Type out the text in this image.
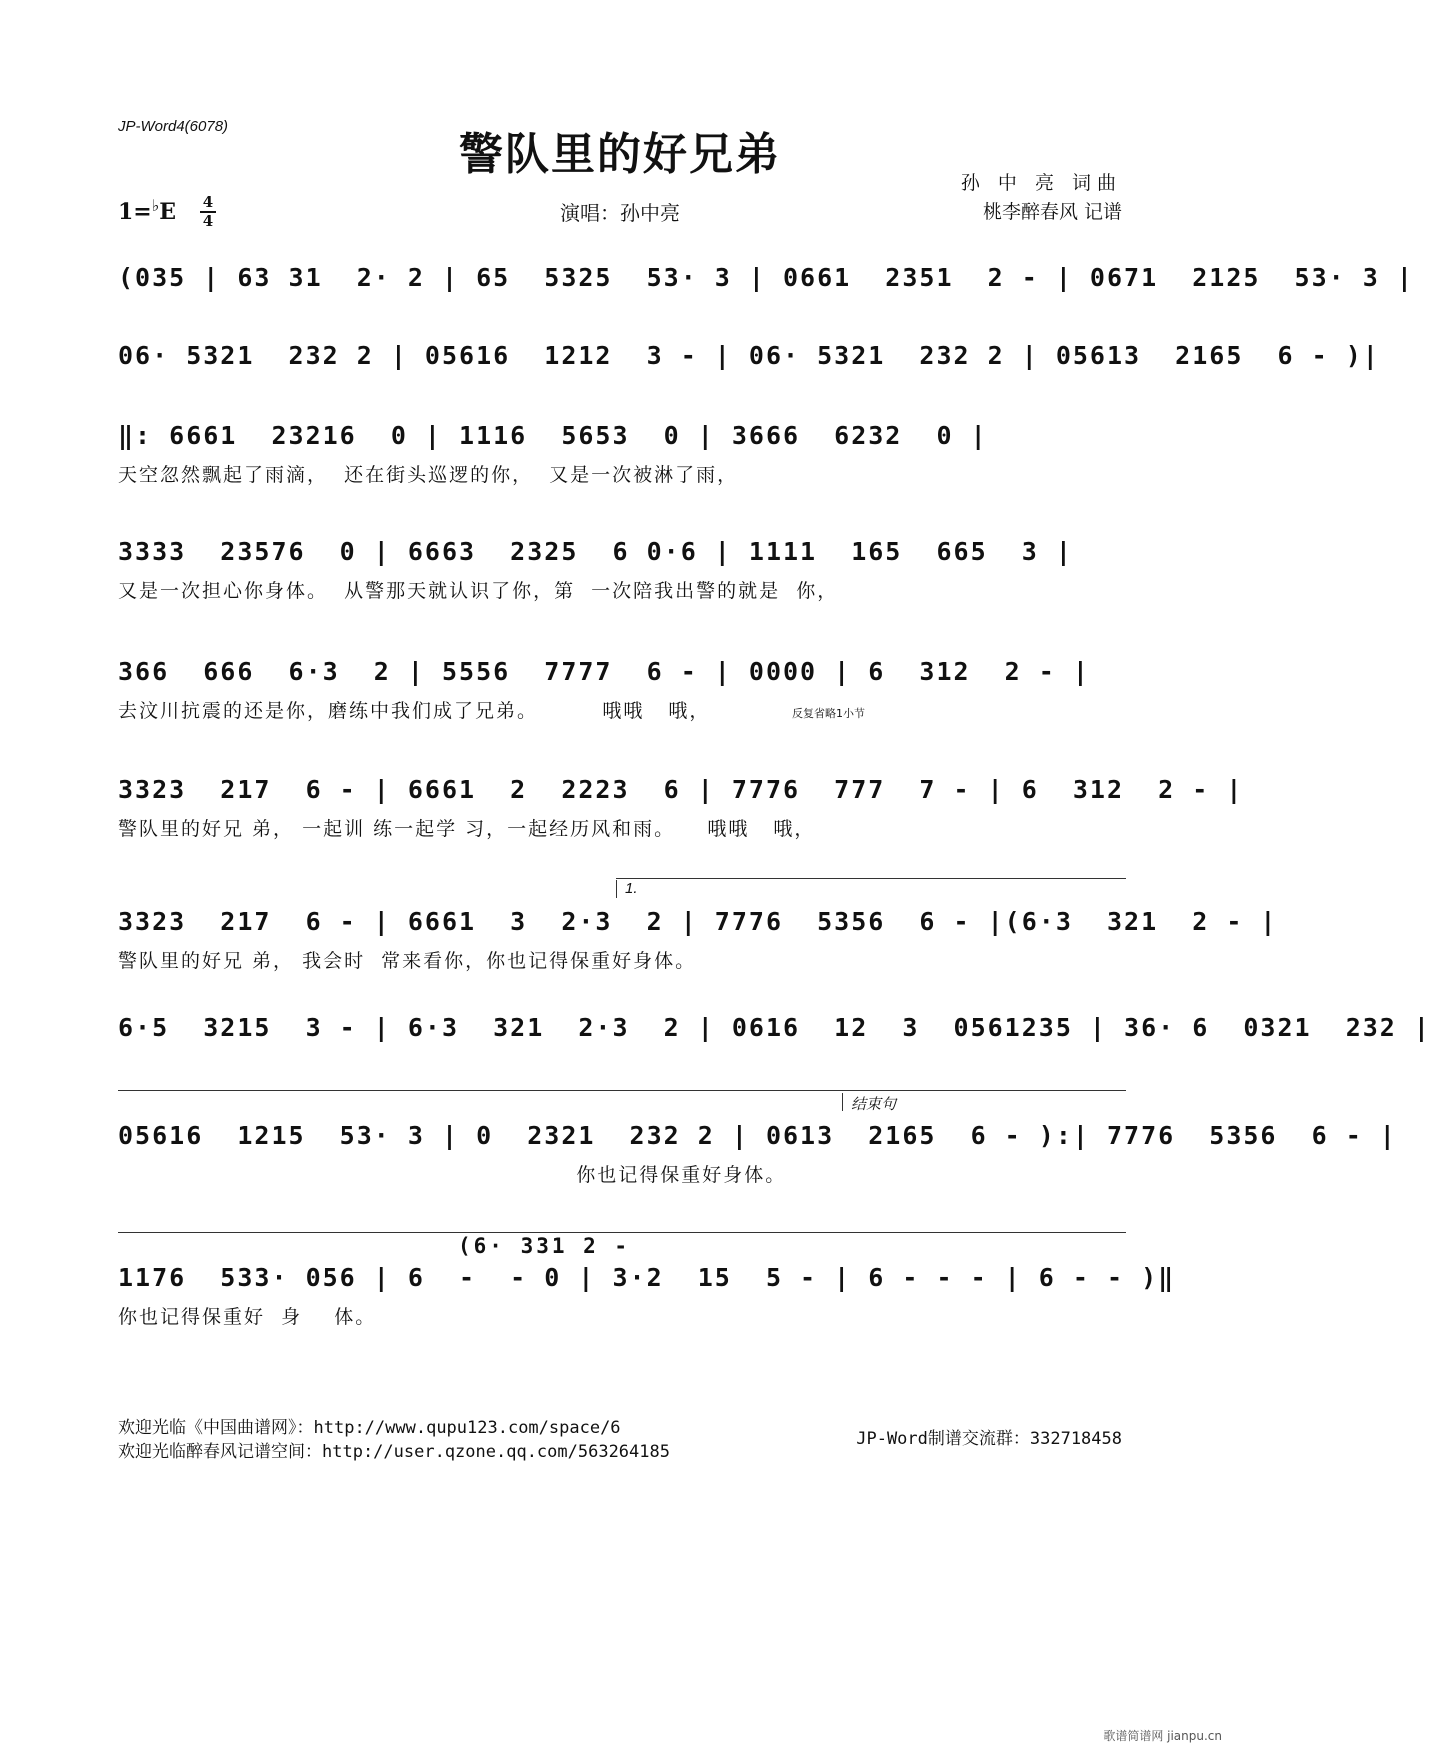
JP-Word4(6078)
警队里的好兄弟
孙 中 亮 词曲
桃李醉春风 记谱
演唱：孙中亮
1=♭E 4
4
(035 | 63 31  2· 2 | 65  5325  53· 3 | 0661  2351  2 - | 0671  2125  53· 3 |
06· 5321  232 2 | 05616  1212  3 - | 06· 5321  232 2 | 05613  2165  6 - )|
‖: 6661  23216  0 | 1116  5653  0 | 3666  6232  0 |
天空忽然飘起了雨滴，  还在街头巡逻的你，  又是一次被淋了雨，
3333  23576  0 | 6663  2325  6 0·6 | 1111  165  665  3 |
又是一次担心你身体。  从警那天就认识了你，第  一次陪我出警的就是  你，
366  666  6·3  2 | 5556  7777  6 - | 0000 | 6  312  2 - |
去汶川抗震的还是你，磨练中我们成了兄弟。        哦哦   哦，	反复省略1小节
3323  217  6 - | 6661  2  2223  6 | 7776  777  7 - | 6  312  2 - |
警队里的好兄 弟， 一起训 练一起学 习，一起经历风和雨。    哦哦   哦，
1.
3323  217  6 - | 6661  3  2·3  2 | 7776  5356  6 - |(6·3  321  2 - |
警队里的好兄 弟， 我会时  常来看你，你也记得保重好身体。
6·5  3215  3 - | 6·3  321  2·3  2 | 0616  12  3  0561235 | 36· 6  0321  232 |
结束句
05616  1215  53· 3 | 0  2321  232 2 | 0613  2165  6 - ):| 7776  5356  6 - |
你也记得保重好身体。
(6· 331 2 -
1176  533· 056 | 6  -  - 0 | 3·2  15  5 - | 6 - - - | 6 - - )‖
你也记得保重好  身    体。
欢迎光临《中国曲谱网》：http://www.qupu123.com/space/6
欢迎光临醉春风记谱空间：http://user.qzone.qq.com/563264185
JP-Word制谱交流群：332718458
歌谱简谱网 jianpu.cn
